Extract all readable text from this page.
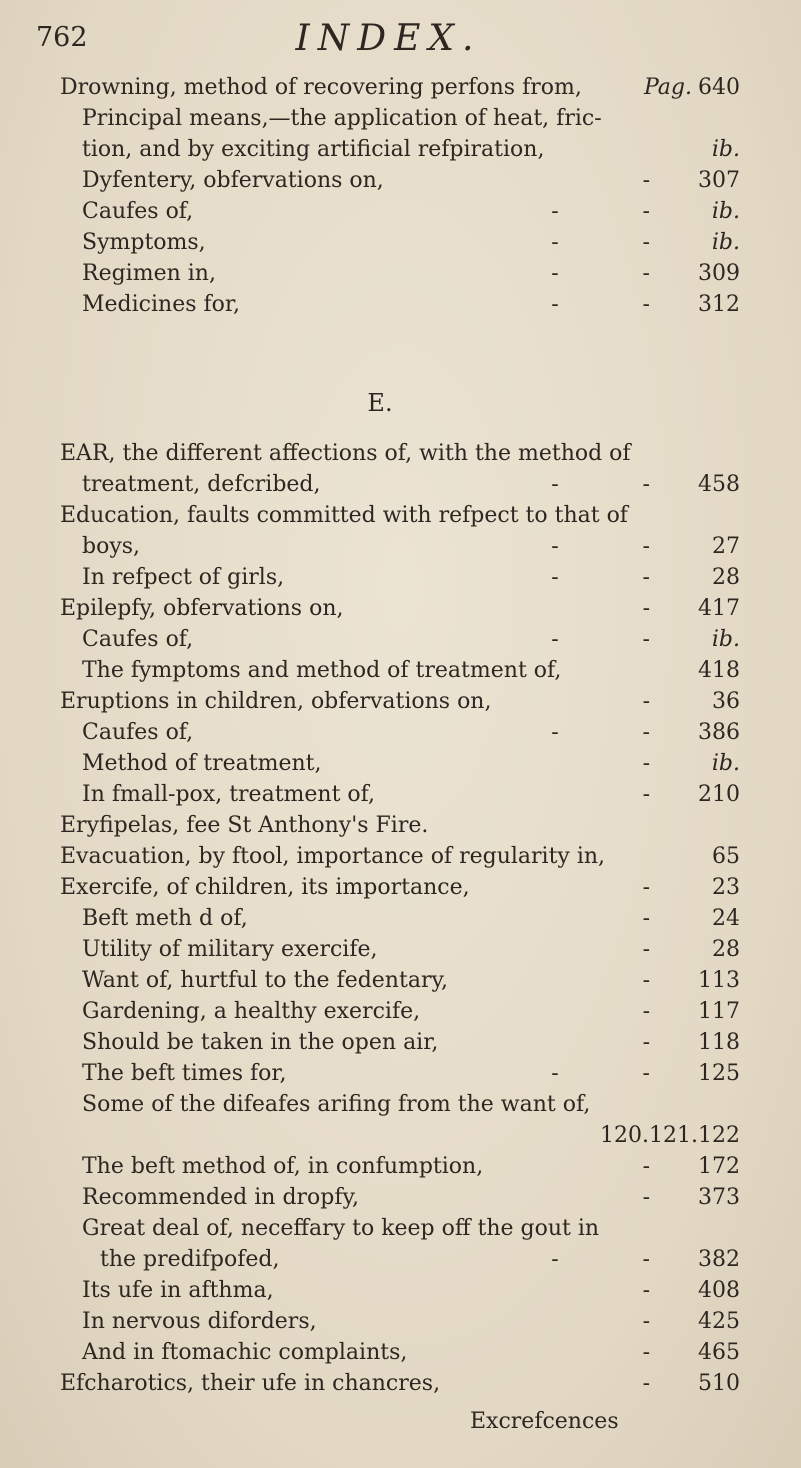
762	INDEX.
Drowning, method of recovering perfons from,	Pag. 640
Principal means,—the application of heat, fric-
tion, and by exciting artificial refpiration,	ib.
Dyfentery, obfervations on,	- 307
Caufes of,	-            -	ib.
Symptoms,	-            -	ib.
Regimen in,	-            - 309
Medicines for,	-            - 312
E.
EAR, the different affections of, with the method of
treatment, defcribed,	-            - 458
Education, faults committed with refpect to that of
boys,	-            -	27
In refpect of girls,	-            -	28
Epilepfy, obfervations on,	- 417
Caufes of,	-            -	ib.
The fymptoms and method of treatment of,	418
Eruptions in children, obfervations on,	-	36
Caufes of,	-            - 386
Method of treatment,	-	ib.
In fmall-pox, treatment of,	- 210
Eryfipelas, fee St Anthony's Fire.
Evacuation, by ftool, importance of regularity in,	65
Exercife, of children, its importance,	-	23
Beft meth d of,	-	24
Utility of military exercife,	-	28
Want of, hurtful to the fedentary,	- 113
Gardening, a healthy exercife,	- 117
Should be taken in the open air,	- 118
The beft times for,	-            - 125
Some of the difeafes arifing from the want of,
120.121.122
The beft method of, in confumption,	- 172
Recommended in dropfy,	- 373
Great deal of, neceffary to keep off the gout in
the predifpofed,	-            - 382
Its ufe in afthma,	- 408
In nervous diforders,	- 425
And in ftomachic complaints,	- 465
Efcharotics, their ufe in chancres,	- 510
Excrefcences
